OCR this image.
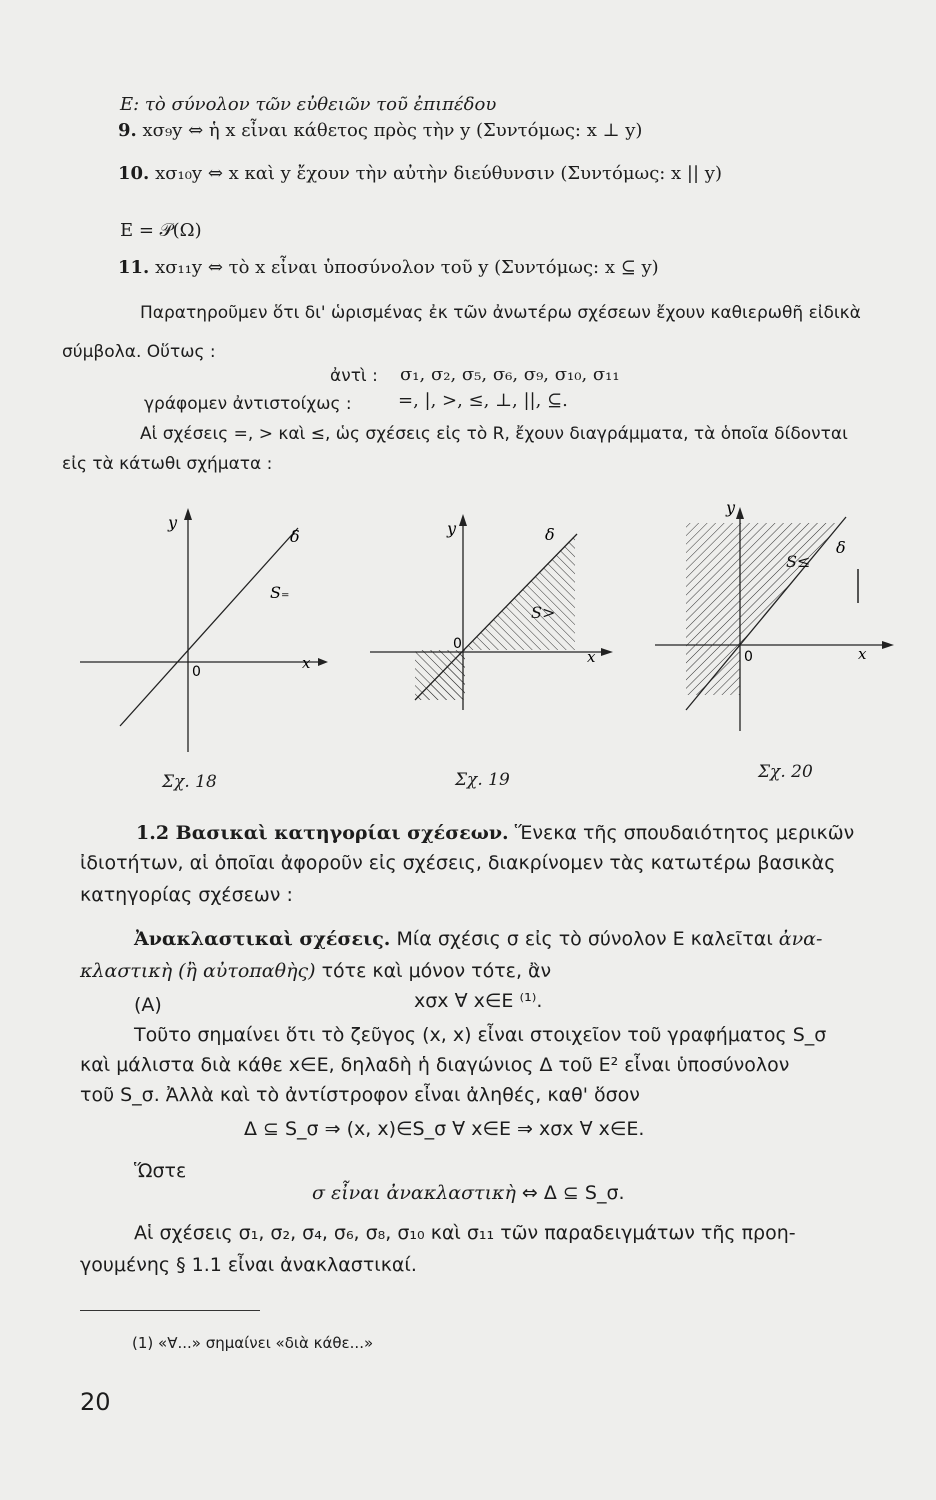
Ε: τὸ σύνολον τῶν εὐθειῶν τοῦ ἐπιπέδου
9. xσ₉y ⇔ ἡ x εἶναι κάθετος πρὸς τὴν y (Συντόμως: x ⊥ y)
10. xσ₁₀y ⇔ x καὶ y ἔχουν τὴν αὐτὴν διεύθυνσιν (Συντόμως: x || y)
Ε = 𝒫(Ω)
11. xσ₁₁y ⇔ τὸ x εἶναι ὑποσύνολον τοῦ y (Συντόμως: x ⊆ y)
Παρατηροῦμεν ὅτι δι' ὡρισμένας ἐκ τῶν ἀνωτέρω σχέσεων ἔχουν καθιερωθῆ εἰδικὰ
σύμβολα. Οὕτως :
ἀντὶ : σ₁, σ₂, σ₅, σ₆, σ₉, σ₁₀, σ₁₁
γράφομεν ἀντιστοίχως :	=, |, >, ≤, ⊥, ||, ⊆.
Αἱ σχέσεις =, > καὶ ≤, ὡς σχέσεις εἰς τὸ R, ἔχουν διαγράμματα, τὰ ὁποῖα δίδονται
εἰς τὰ κάτωθι σχήματα :
y
0	x
δ
S₌
Σχ. 18
y
0
x
δ
S>
Σχ. 19
y
0	x
δ
S≤
Σχ. 20
1.2 Βασικαὶ κατηγορίαι σχέσεων. Ἕνεκα τῆς σπουδαιότητος μερικῶν
ἰδιοτήτων, αἱ ὁποῖαι ἀφοροῦν εἰς σχέσεις, διακρίνομεν τὰς κατωτέρω βασικὰς
κατηγορίας σχέσεων :
Ἀνακλαστικαὶ σχέσεις. Μία σχέσις σ εἰς τὸ σύνολον Ε καλεῖται ἀνα-
κλαστικὴ (ἢ αὐτοπαθὴς) τότε καὶ μόνον τότε, ἂν
(A)	xσx ∀ x∈E ⁽¹⁾.
Τοῦτο σημαίνει ὅτι τὸ ζεῦγος (x, x) εἶναι στοιχεῖον τοῦ γραφήματος S_σ
καὶ μάλιστα διὰ κάθε x∈E, δηλαδὴ ἡ διαγώνιος Δ τοῦ E² εἶναι ὑποσύνολον
τοῦ S_σ. Ἀλλὰ καὶ τὸ ἀντίστροφον εἶναι ἀληθές, καθ' ὅσον
Δ ⊆ S_σ ⇒ (x, x)∈S_σ ∀ x∈E ⇒ xσx ∀ x∈E.
Ὥστε
σ εἶναι ἀνακλαστικὴ ⇔ Δ ⊆ S_σ.
Αἱ σχέσεις σ₁, σ₂, σ₄, σ₆, σ₈, σ₁₀ καὶ σ₁₁ τῶν παραδειγμάτων τῆς προη-
γουμένης § 1.1 εἶναι ἀνακλαστικαί.
(1) «∀...» σημαίνει «διὰ κάθε...»
20
